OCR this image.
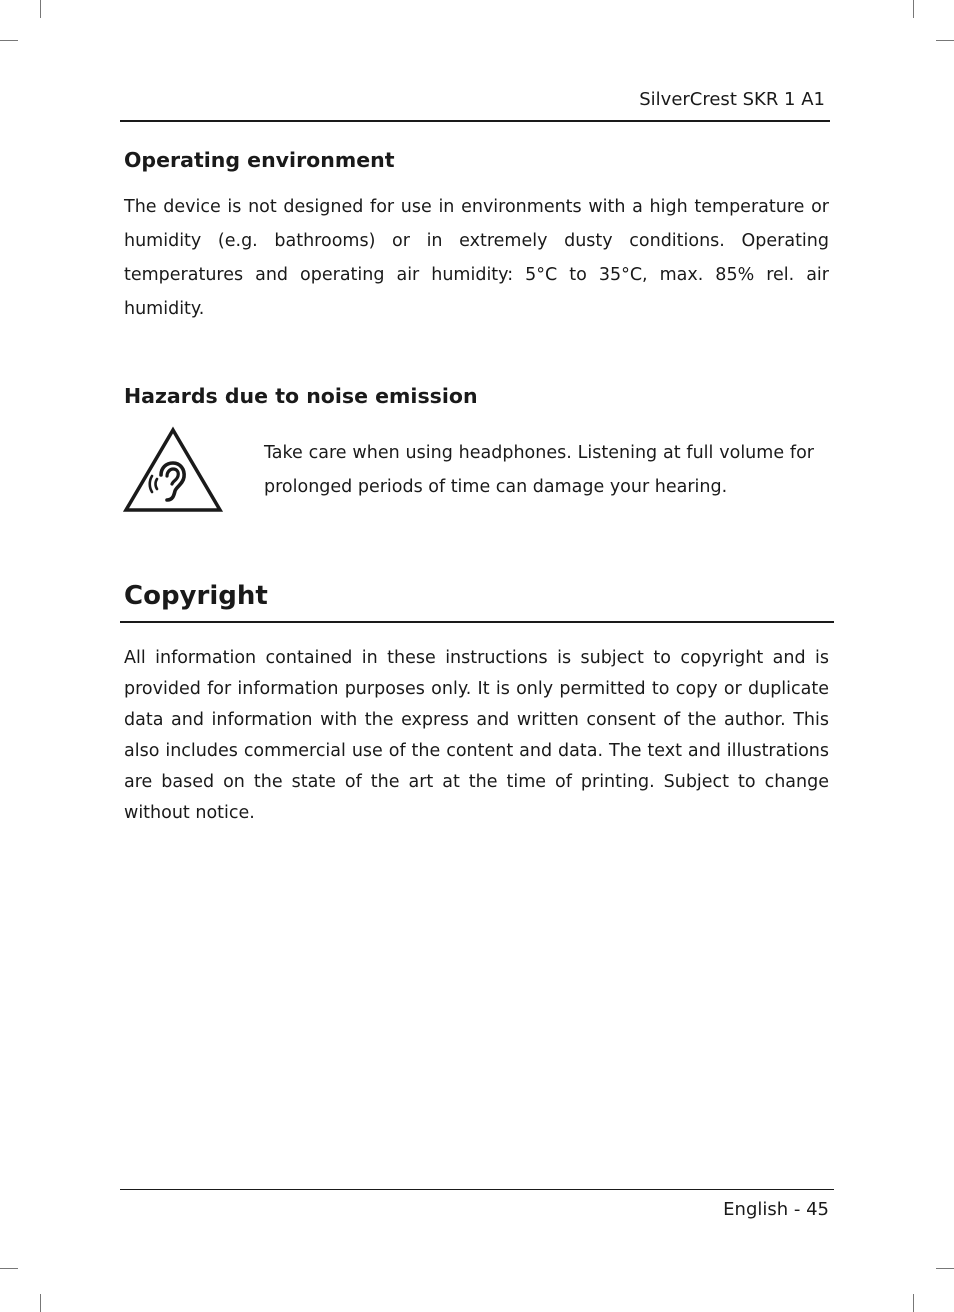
SilverCrest SKR 1 A1
Operating environment

The device is not designed for use in environments with a high temperature or humidity (e.g. bathrooms) or in extremely dusty conditions. Operating temperatures and operating air humidity: 5°C to 35°C, max. 85% rel. air humidity.

Hazards due to noise emission

Take care when using headphones. Listening at full volume for prolonged periods of time can damage your hearing.

Copyright

All information contained in these instructions is subject to copyright and is provided for information purposes only. It is only permitted to copy or duplicate data and information with the express and written consent of the author. This also includes commercial use of the content and data. The text and illustrations are based on the state of the art at the time of printing. Subject to change without notice.

English - 45
